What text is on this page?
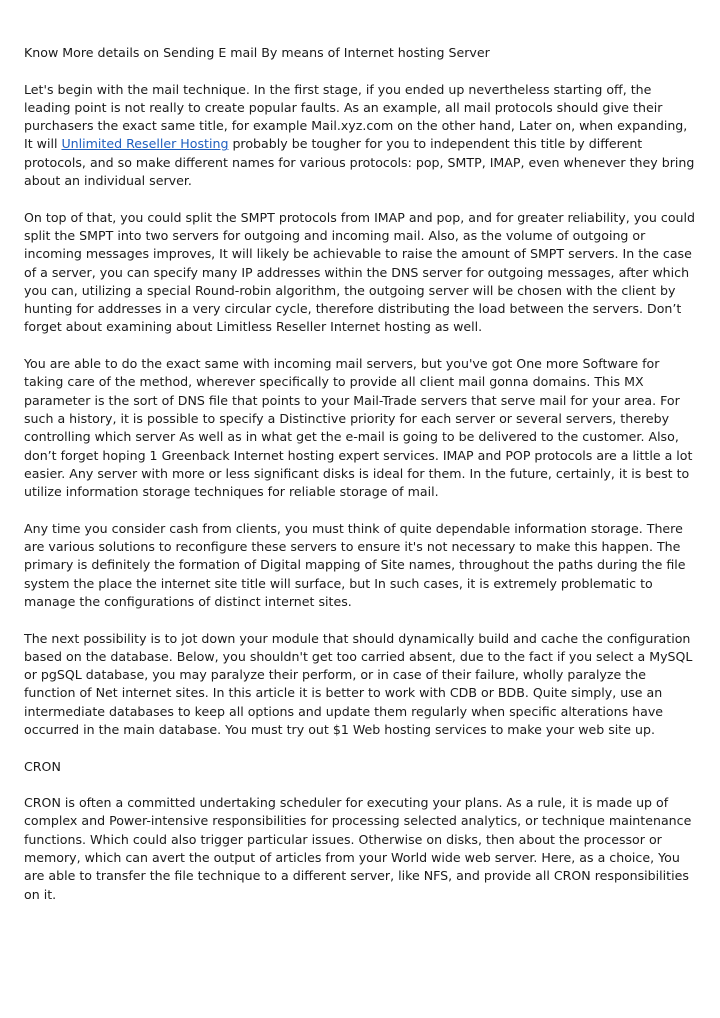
Know More details on Sending E mail By means of Internet hosting Server

Let's begin with the mail technique. In the first stage, if you ended up nevertheless starting off, the leading point is not really to create popular faults. As an example, all mail protocols should give their purchasers the exact same title, for example Mail.xyz.com on the other hand, Later on, when expanding, It will Unlimited Reseller Hosting probably be tougher for you to independent this title by different protocols, and so make different names for various protocols: pop, SMTP, IMAP, even whenever they bring about an individual server.

On top of that, you could split the SMPT protocols from IMAP and pop, and for greater reliability, you could split the SMPT into two servers for outgoing and incoming mail. Also, as the volume of outgoing or incoming messages improves, It will likely be achievable to raise the amount of SMPT servers. In the case of a server, you can specify many IP addresses within the DNS server for outgoing messages, after which you can, utilizing a special Round-robin algorithm, the outgoing server will be chosen with the client by hunting for addresses in a very circular cycle, therefore distributing the load between the servers. Don’t forget about examining about Limitless Reseller Internet hosting as well.

You are able to do the exact same with incoming mail servers, but you've got One more Software for taking care of the method, wherever specifically to provide all client mail gonna domains. This MX parameter is the sort of DNS file that points to your Mail-Trade servers that serve mail for your area. For such a history, it is possible to specify a Distinctive priority for each server or several servers, thereby controlling which server As well as in what get the e-mail is going to be delivered to the customer. Also, don’t forget hoping 1 Greenback Internet hosting expert services. IMAP and POP protocols are a little a lot easier. Any server with more or less significant disks is ideal for them. In the future, certainly, it is best to utilize information storage techniques for reliable storage of mail.

Any time you consider cash from clients, you must think of quite dependable information storage. There are various solutions to reconfigure these servers to ensure it's not necessary to make this happen. The primary is definitely the formation of Digital mapping of Site names, throughout the paths during the file system the place the internet site title will surface, but In such cases, it is extremely problematic to manage the configurations of distinct internet sites.

The next possibility is to jot down your module that should dynamically build and cache the configuration based on the database. Below, you shouldn't get too carried absent, due to the fact if you select a MySQL or pgSQL database, you may paralyze their perform, or in case of their failure, wholly paralyze the function of Net internet sites. In this article it is better to work with CDB or BDB. Quite simply, use an intermediate databases to keep all options and update them regularly when specific alterations have occurred in the main database. You must try out $1 Web hosting services to make your web site up.

CRON

CRON is often a committed undertaking scheduler for executing your plans. As a rule, it is made up of complex and Power-intensive responsibilities for processing selected analytics, or technique maintenance functions. Which could also trigger particular issues. Otherwise on disks, then about the processor or memory, which can avert the output of articles from your World wide web server. Here, as a choice, You are able to transfer the file technique to a different server, like NFS, and provide all CRON responsibilities on it.
